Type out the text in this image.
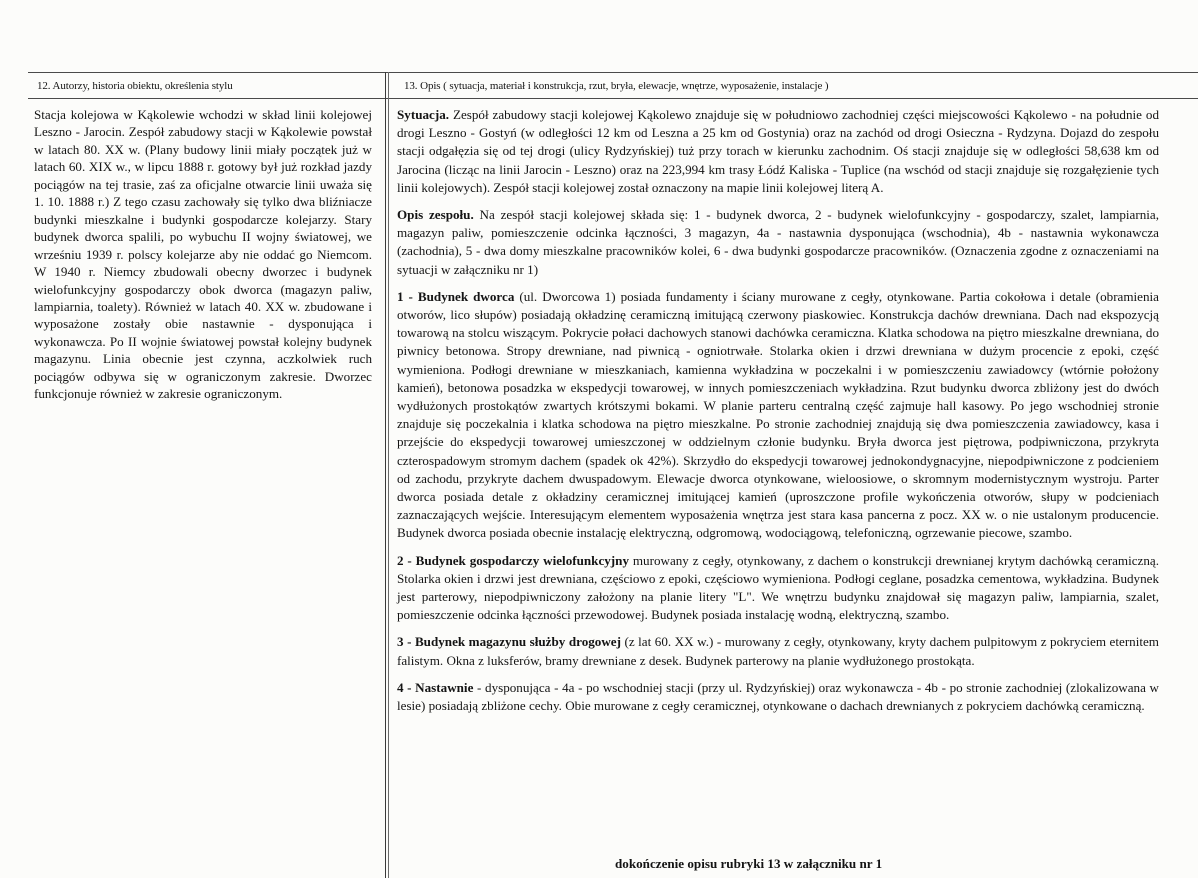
12. Autorzy, historia obiektu, określenia stylu	13. Opis ( sytuacja, materiał i konstrukcja, rzut, bryła, elewacje, wnętrze, wyposażenie, instalacje )
Stacja kolejowa w Kąkolewie wchodzi w skład linii kolejowej Leszno - Jarocin. Zespół zabudowy stacji w Kąkolewie powstał w latach 80. XX w. (Plany budowy linii miały początek już w latach 60. XIX w., w lipcu 1888 r. gotowy był już rozkład jazdy pociągów na tej trasie, zaś za oficjalne otwarcie linii uważa się 1. 10. 1888 r.) Z tego czasu zachowały się tylko dwa bliźniacze budynki mieszkalne i budynki gospodarcze kolejarzy. Stary budynek dworca spalili, po wybuchu II wojny światowej, we wrześniu 1939 r. polscy kolejarze aby nie oddać go Niemcom. W 1940 r. Niemcy zbudowali obecny dworzec i budynek wielofunkcyjny gospodarczy obok dworca (magazyn paliw, lampiarnia, toalety). Również w latach 40. XX w. zbudowane i wyposażone zostały obie nastawnie - dysponująca i wykonawcza. Po II wojnie światowej powstał kolejny budynek magazynu. Linia obecnie jest czynna, aczkolwiek ruch pociągów odbywa się w ograniczonym zakresie. Dworzec funkcjonuje również w zakresie ograniczonym.

Sytuacja. Zespół zabudowy stacji kolejowej Kąkolewo znajduje się w południowo zachodniej części miejscowości Kąkolewo - na południe od drogi Leszno - Gostyń (w odległości 12 km od Leszna a 25 km od Gostynia) oraz na zachód od drogi Osieczna - Rydzyna. Dojazd do zespołu stacji odgałęzia się od tej drogi (ulicy Rydzyńskiej) tuż przy torach w kierunku zachodnim. Oś stacji znajduje się w odległości 58,638 km od Jarocina (licząc na linii Jarocin - Leszno) oraz na 223,994 km trasy Łódź Kaliska - Tuplice (na wschód od stacji znajduje się rozgałęzienie tych linii kolejowych). Zespół stacji kolejowej został oznaczony na mapie linii kolejowej literą A.

Opis zespołu. Na zespół stacji kolejowej składa się: 1 - budynek dworca, 2 - budynek wielofunkcyjny - gospodarczy, szalet, lampiarnia, magazyn paliw, pomieszczenie odcinka łączności, 3 magazyn, 4a - nastawnia dysponująca (wschodnia), 4b - nastawnia wykonawcza (zachodnia), 5 - dwa domy mieszkalne pracowników kolei, 6 - dwa budynki gospodarcze pracowników. (Oznaczenia zgodne z oznaczeniami na sytuacji w załączniku nr 1)

1 - Budynek dworca (ul. Dworcowa 1) posiada fundamenty i ściany murowane z cegły, otynkowane. Partia cokołowa i detale (obramienia otworów, lico słupów) posiadają okładzinę ceramiczną imitującą czerwony piaskowiec. Konstrukcja dachów drewniana. Dach nad ekspozycją towarową na stolcu wiszącym. Pokrycie połaci dachowych stanowi dachówka ceramiczna. Klatka schodowa na piętro mieszkalne drewniana, do piwnicy betonowa. Stropy drewniane, nad piwnicą - ogniotrwałe. Stolarka okien i drzwi drewniana w dużym procencie z epoki, część wymieniona. Podłogi drewniane w mieszkaniach, kamienna wykładzina w poczekalni i w pomieszczeniu zawiadowcy (wtórnie położony kamień), betonowa posadzka w ekspedycji towarowej, w innych pomieszczeniach wykładzina. Rzut budynku dworca zbliżony jest do dwóch wydłużonych prostokątów zwartych krótszymi bokami. W planie parteru centralną część zajmuje hall kasowy. Po jego wschodniej stronie znajduje się poczekalnia i klatka schodowa na piętro mieszkalne. Po stronie zachodniej znajdują się dwa pomieszczenia zawiadowcy, kasa i przejście do ekspedycji towarowej umieszczonej w oddzielnym członie budynku. Bryła dworca jest piętrowa, podpiwniczona, przykryta czterospadowym stromym dachem (spadek ok 42%). Skrzydło do ekspedycji towarowej jednokondygnacyjne, niepodpiwniczone z podcieniem od zachodu, przykryte dachem dwuspadowym. Elewacje dworca otynkowane, wieloosiowe, o skromnym modernistycznym wystroju. Parter dworca posiada detale z okładziny ceramicznej imitującej kamień (uproszczone profile wykończenia otworów, słupy w podcieniach zaznaczających wejście. Interesującym elementem wyposażenia wnętrza jest stara kasa pancerna z pocz. XX w. o nie ustalonym producencie. Budynek dworca posiada obecnie instalację elektryczną, odgromową, wodociągową, telefoniczną, ogrzewanie piecowe, szambo.

2 - Budynek gospodarczy wielofunkcyjny murowany z cegły, otynkowany, z dachem o konstrukcji drewnianej krytym dachówką ceramiczną. Stolarka okien i drzwi jest drewniana, częściowo z epoki, częściowo wymieniona. Podłogi ceglane, posadzka cementowa, wykładzina. Budynek jest parterowy, niepodpiwniczony założony na planie litery "L". We wnętrzu budynku znajdował się magazyn paliw, lampiarnia, szalet, pomieszczenie odcinka łączności przewodowej. Budynek posiada instalację wodną, elektryczną, szambo.

3 - Budynek magazynu służby drogowej (z lat 60. XX w.) - murowany z cegły, otynkowany, kryty dachem pulpitowym z pokryciem eternitem falistym. Okna z luksferów, bramy drewniane z desek. Budynek parterowy na planie wydłużonego prostokąta.

4 - Nastawnie - dysponująca - 4a - po wschodniej stacji (przy ul. Rydzyńskiej) oraz wykonawcza - 4b - po stronie zachodniej (zlokalizowana w lesie) posiadają zbliżone cechy. Obie murowane z cegły ceramicznej, otynkowane o dachach drewnianych z pokryciem dachówką ceramiczną.

dokończenie opisu rubryki 13 w załączniku nr 1
